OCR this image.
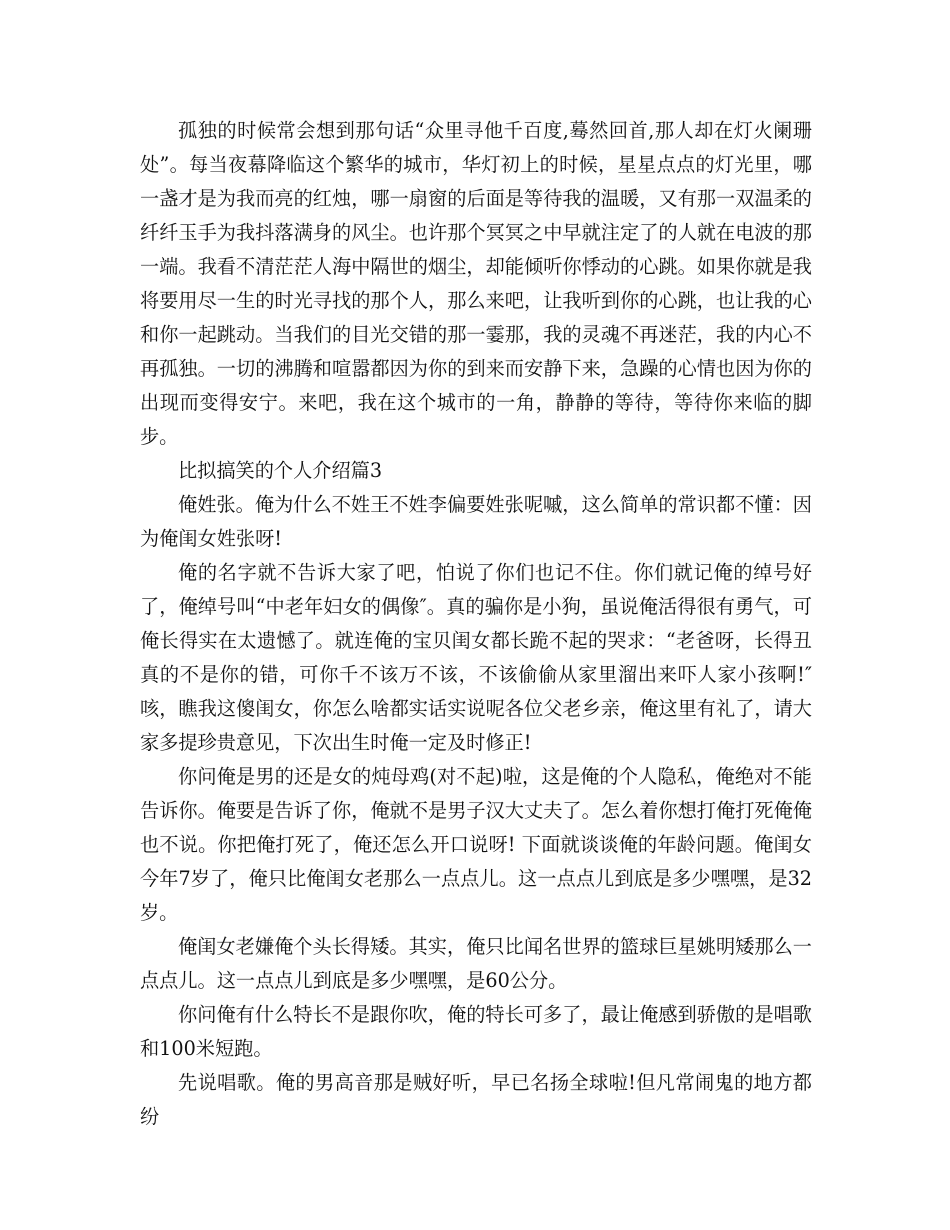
孤独的时候常会想到那句话“众里寻他千百度,蓦然回首,那人却在灯火阑珊处”。每当夜幕降临这个繁华的城市，华灯初上的时候，星星点点的灯光里，哪一盏才是为我而亮的红烛，哪一扇窗的后面是等待我的温暖，又有那一双温柔的纤纤玉手为我抖落满身的风尘。也许那个冥冥之中早就注定了的人就在电波的那一端。我看不清茫茫人海中隔世的烟尘，却能倾听你悸动的心跳。如果你就是我将要用尽一生的时光寻找的那个人，那么来吧，让我听到你的心跳，也让我的心和你一起跳动。当我们的目光交错的那一霎那，我的灵魂不再迷茫，我的内心不再孤独。一切的沸腾和喧嚣都因为你的到来而安静下来，急躁的心情也因为你的出现而变得安宁。来吧，我在这个城市的一角，静静的等待，等待你来临的脚步。

比拟搞笑的个人介绍篇3

俺姓张。俺为什么不姓王不姓李偏要姓张呢嘁，这么简单的常识都不懂：因为俺闺女姓张呀!

俺的名字就不告诉大家了吧，怕说了你们也记不住。你们就记俺的绰号好了，俺绰号叫“中老年妇女的偶像″。真的骗你是小狗，虽说俺活得很有勇气，可俺长得实在太遗憾了。就连俺的宝贝闺女都长跪不起的哭求：“老爸呀，长得丑真的不是你的错，可你千不该万不该，不该偷偷从家里溜出来吓人家小孩啊!″咳，瞧我这傻闺女，你怎么啥都实话实说呢各位父老乡亲，俺这里有礼了，请大家多提珍贵意见，下次出生时俺一定及时修正!

你问俺是男的还是女的炖母鸡(对不起)啦，这是俺的个人隐私，俺绝对不能告诉你。俺要是告诉了你，俺就不是男子汉大丈夫了。怎么着你想打俺打死俺俺也不说。你把俺打死了，俺还怎么开口说呀! 下面就谈谈俺的年龄问题。俺闺女今年7岁了，俺只比俺闺女老那么一点点儿。这一点点儿到底是多少嘿嘿，是32岁。

俺闺女老嫌俺个头长得矮。其实，俺只比闻名世界的篮球巨星姚明矮那么一点点儿。这一点点儿到底是多少嘿嘿，是60公分。

你问俺有什么特长不是跟你吹，俺的特长可多了，最让俺感到骄傲的是唱歌和100米短跑。

先说唱歌。俺的男高音那是贼好听，早已名扬全球啦!但凡常闹鬼的地方都纷
